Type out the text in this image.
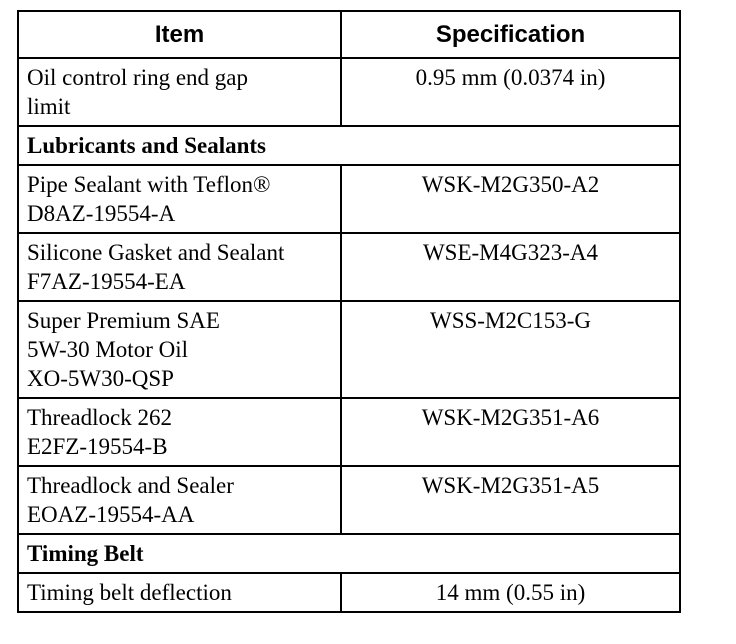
Item	Specification

Oil control ring end gap
limit	0.95 mm (0.0374 in)
Lubricants and Sealants	

Pipe Sealant with Teflon®
D8AZ-19554-A	WSK-M2G350-A2

Silicone Gasket and Sealant
F7AZ-19554-EA	WSE-M4G323-A4

Super Premium SAE
5W-30 Motor Oil
XO-5W30-QSP	WSS-M2C153-G

Threadlock 262
E2FZ-19554-B	WSK-M2G351-A6

Threadlock and Sealer
EOAZ-19554-AA	WSK-M2G351-A5
Timing Belt	

Timing belt deflection	14 mm (0.55 in)
